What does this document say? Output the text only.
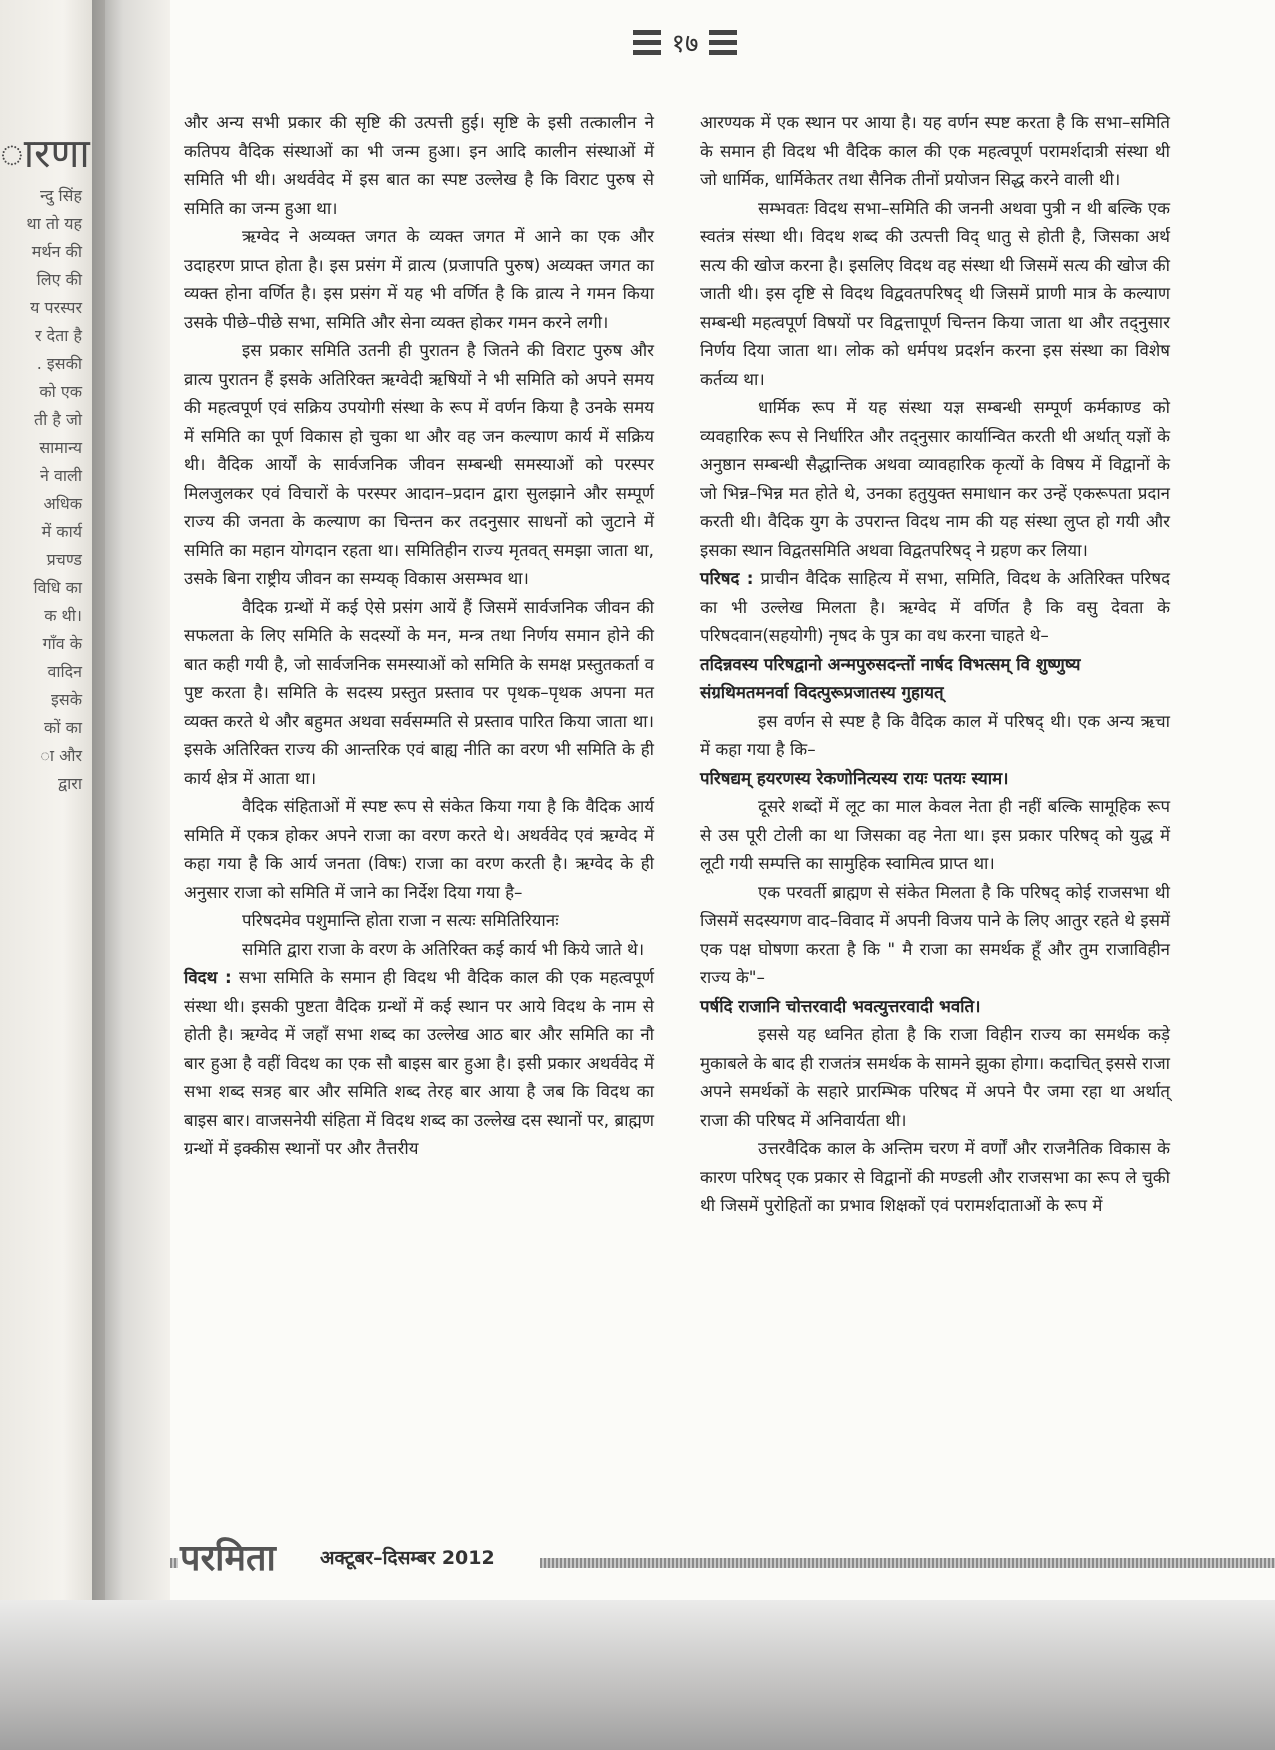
ारणा
न्दु सिंह
था तो यह
मर्थन की
लिए की
य परस्पर
र देता है
. इसकी
को एक
ती है जो
सामान्य
ने वाली
अधिक
में कार्य
प्रचण्ड
विधि का
क थी।
गाँव के
वादिन
इसके
कों का
ा और
द्वारा
१७

और अन्य सभी प्रकार की सृष्टि की उत्पत्ती हुई। सृष्टि के इसी तत्कालीन ने कतिपय वैदिक संस्थाओं का भी जन्म हुआ। इन आदि कालीन संस्थाओं में समिति भी थी। अथर्ववेद में इस बात का स्पष्ट उल्लेख है कि विराट पुरुष से समिति का जन्म हुआ था।

ऋग्वेद ने अव्यक्त जगत के व्यक्त जगत में आने का एक और उदाहरण प्राप्त होता है। इस प्रसंग में व्रात्य (प्रजापति पुरुष) अव्यक्त जगत का व्यक्त होना वर्णित है। इस प्रसंग में यह भी वर्णित है कि व्रात्य ने गमन किया उसके पीछे–पीछे सभा, समिति और सेना व्यक्त होकर गमन करने लगी।

इस प्रकार समिति उतनी ही पुरातन है जितने की विराट पुरुष और व्रात्य पुरातन हैं इसके अतिरिक्त ऋग्वेदी ऋषियों ने भी समिति को अपने समय की महत्वपूर्ण एवं सक्रिय उपयोगी संस्था के रूप में वर्णन किया है उनके समय में समिति का पूर्ण विकास हो चुका था और वह जन कल्याण कार्य में सक्रिय थी। वैदिक आर्यों के सार्वजनिक जीवन सम्बन्धी समस्याओं को परस्पर मिलजुलकर एवं विचारों के परस्पर आदान–प्रदान द्वारा सुलझाने और सम्पूर्ण राज्य की जनता के कल्याण का चिन्तन कर तदनुसार साधनों को जुटाने में समिति का महान योगदान रहता था। समितिहीन राज्य मृतवत् समझा जाता था, उसके बिना राष्ट्रीय जीवन का सम्यक् विकास असम्भव था।

वैदिक ग्रन्थों में कई ऐसे प्रसंग आयें हैं जिसमें सार्वजनिक जीवन की सफलता के लिए समिति के सदस्यों के मन, मन्त्र तथा निर्णय समान होने की बात कही गयी है, जो सार्वजनिक समस्याओं को समिति के समक्ष प्रस्तुतकर्ता व पुष्ट करता है। समिति के सदस्य प्रस्तुत प्रस्ताव पर पृथक–पृथक अपना मत व्यक्त करते थे और बहुमत अथवा सर्वसम्मति से प्रस्ताव पारित किया जाता था। इसके अतिरिक्त राज्य की आन्तरिक एवं बाह्य नीति का वरण भी समिति के ही कार्य क्षेत्र में आता था।

वैदिक संहिताओं में स्पष्ट रूप से संकेत किया गया है कि वैदिक आर्य समिति में एकत्र होकर अपने राजा का वरण करते थे। अथर्ववेद एवं ऋग्वेद में कहा गया है कि आर्य जनता (विषः) राजा का वरण करती है। ऋग्वेद के ही अनुसार राजा को समिति में जाने का निर्देश दिया गया है–

परिषदमेव पशुमान्ति होता राजा न सत्यः समितिरियानः

समिति द्वारा राजा के वरण के अतिरिक्त कई कार्य भी किये जाते थे।

विदथ : सभा समिति के समान ही विदथ भी वैदिक काल की एक महत्वपूर्ण संस्था थी। इसकी पुष्टता वैदिक ग्रन्थों में कई स्थान पर आये विदथ के नाम से होती है। ऋग्वेद में जहाँ सभा शब्द का उल्लेख आठ बार और समिति का नौ बार हुआ है वहीं विदथ का एक सौ बाइस बार हुआ है। इसी प्रकार अथर्ववेद में सभा शब्द सत्रह बार और समिति शब्द तेरह बार आया है जब कि विदथ का बाइस बार। वाजसनेयी संहिता में विदथ शब्द का उल्लेख दस स्थानों पर, ब्राह्मण ग्रन्थों में इक्कीस स्थानों पर और तैत्तरीय

आरण्यक में एक स्थान पर आया है। यह वर्णन स्पष्ट करता है कि सभा–समिति के समान ही विदथ भी वैदिक काल की एक महत्वपूर्ण परामर्शदात्री संस्था थी जो धार्मिक, धार्मिकेतर तथा सैनिक तीनों प्रयोजन सिद्ध करने वाली थी।

सम्भवतः विदथ सभा–समिति की जननी अथवा पुत्री न थी बल्कि एक स्वतंत्र संस्था थी। विदथ शब्द की उत्पत्ती विद् धातु से होती है, जिसका अर्थ सत्य की खोज करना है। इसलिए विदथ वह संस्था थी जिसमें सत्य की खोज की जाती थी। इस दृष्टि से विदथ विद्ववतपरिषद् थी जिसमें प्राणी मात्र के कल्याण सम्बन्धी महत्वपूर्ण विषयों पर विद्वत्तापूर्ण चिन्तन किया जाता था और तद्नुसार निर्णय दिया जाता था। लोक को धर्मपथ प्रदर्शन करना इस संस्था का विशेष कर्तव्य था।

धार्मिक रूप में यह संस्था यज्ञ सम्बन्धी सम्पूर्ण कर्मकाण्ड को व्यवहारिक रूप से निर्धारित और तद्नुसार कार्यान्वित करती थी अर्थात् यज्ञों के अनुष्ठान सम्बन्धी सैद्धान्तिक अथवा व्यावहारिक कृत्यों के विषय में विद्वानों के जो भिन्न–भिन्न मत होते थे, उनका हतुयुक्त समाधान कर उन्हें एकरूपता प्रदान करती थी। वैदिक युग के उपरान्त विदथ नाम की यह संस्था लुप्त हो गयी और इसका स्थान विद्वतसमिति अथवा विद्वतपरिषद् ने ग्रहण कर लिया।

परिषद : प्राचीन वैदिक साहित्य में सभा, समिति, विदथ के अतिरिक्त परिषद का भी उल्लेख मिलता है। ऋग्वेद में वर्णित है कि वसु देवता के परिषदवान(सहयोगी) नृषद के पुत्र का वध करना चाहते थे–

तदिन्नवस्य परिषद्वानो अन्मपुरुसदन्तों नार्षद विभत्सम् वि शुष्णुष्य संग्रथिमतमनर्वा विदत्पुरूप्रजातस्य गुहायत्

इस वर्णन से स्पष्ट है कि वैदिक काल में परिषद् थी। एक अन्य ऋचा में कहा गया है कि–

परिषद्यम् हयरणस्य रेकणोनित्यस्य रायः पतयः स्याम।

दूसरे शब्दों में लूट का माल केवल नेता ही नहीं बल्कि सामूहिक रूप से उस पूरी टोली का था जिसका वह नेता था। इस प्रकार परिषद् को युद्ध में लूटी गयी सम्पत्ति का सामुहिक स्वामित्व प्राप्त था।

एक परवर्ती ब्राह्मण से संकेत मिलता है कि परिषद् कोई राजसभा थी जिसमें सदस्यगण वाद–विवाद में अपनी विजय पाने के लिए आतुर रहते थे इसमें एक पक्ष घोषणा करता है कि " मै राजा का समर्थक हूँ और तुम राजाविहीन राज्य के"–

पर्षदि राजानि चोत्तरवादी भवत्युत्तरवादी भवति।

इससे यह ध्वनित होता है कि राजा विहीन राज्य का समर्थक कड़े मुकाबले के बाद ही राजतंत्र समर्थक के सामने झुका होगा। कदाचित् इससे राजा अपने समर्थकों के सहारे प्रारम्भिक परिषद में अपने पैर जमा रहा था अर्थात् राजा की परिषद में अनिवार्यता थी।

उत्तरवैदिक काल के अन्तिम चरण में वर्णों और राजनैतिक विकास के कारण परिषद् एक प्रकार से विद्वानों की मण्डली और राजसभा का रूप ले चुकी थी जिसमें पुरोहितों का प्रभाव शिक्षकों एवं परामर्शदाताओं के रूप में

परमिता अक्टूबर–दिसम्बर 2012
